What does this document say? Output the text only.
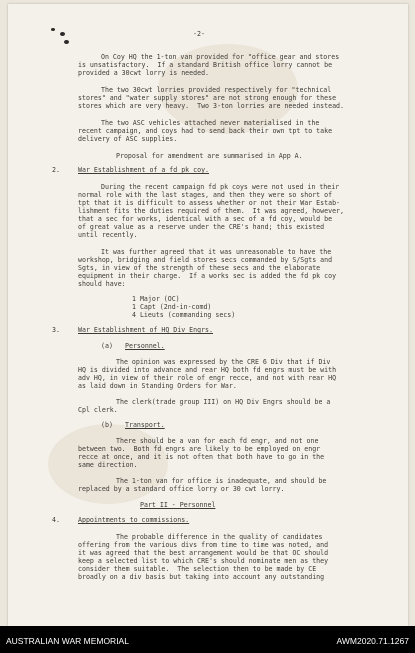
-2-
On Coy HQ the 1-ton van provided for "office gear and stores
is unsatisfactory.  If a standard British office lorry cannot be
provided a 30cwt lorry is needed.
The two 30cwt lorries provided respectively for "technical
stores" and "water supply stores" are not strong enough for these
stores which are very heavy.  Two 3-ton lorries are needed instead.
The two ASC vehicles attached never materialised in the
recent campaign, and coys had to send back their own tpt to take
delivery of ASC supplies.
Proposal for amendment are summarised in App A.
2.	War Establishment of a fd pk coy.
During the recent campaign fd pk coys were not used in their
normal role with the last stages, and then they were so short of
tpt that it is difficult to assess whether or not their War Estab-
lishment fits the duties required of them.  It was agreed, however,
that a sec for works, identical with a sec of a fd coy, would be
of great value as a reserve under the CRE's hand; this existed
until recently.
It was further agreed that it was unreasonable to have the
workshop, bridging and field stores secs commanded by S/Sgts and
Sgts, in view of the strength of these secs and the elaborate
equipment in their charge.  If a works sec is added the fd pk coy
should have:
1 Major (OC)
1 Capt (2nd-in-comd)
4 Lieuts (commanding secs)
3.	War Establishment of HQ Div Engrs.
(a) Personnel.
The opinion was expressed by the CRE 6 Div that if Div
HQ is divided into advance and rear HQ both fd engrs must be with
adv HQ, in view of their role of engr recce, and not with rear HQ
as laid down in Standing Orders for War.
The clerk(trade group III) on HQ Div Engrs should be a
Cpl clerk.
(b) Transport.
There should be a van for each fd engr, and not one
between two.  Both fd engrs are likely to be employed on engr
recce at once, and it is not often that both have to go in the
same direction.
The 1-ton van for office is inadequate, and should be
replaced by a standard office lorry or 30 cwt lorry.
Part II - Personnel
4.	Appointments to commissions.
The probable difference in the quality of candidates
offering from the various divs from time to time was noted, and
it was agreed that the best arrangement would be that OC should
keep a selected list to which CRE's should nominate men as they
consider them suitable.  The selection then to be made by CE
broadly on a div basis but taking into account any outstanding
AUSTRALIAN WAR MEMORIAL	AWM2020.71.1267
